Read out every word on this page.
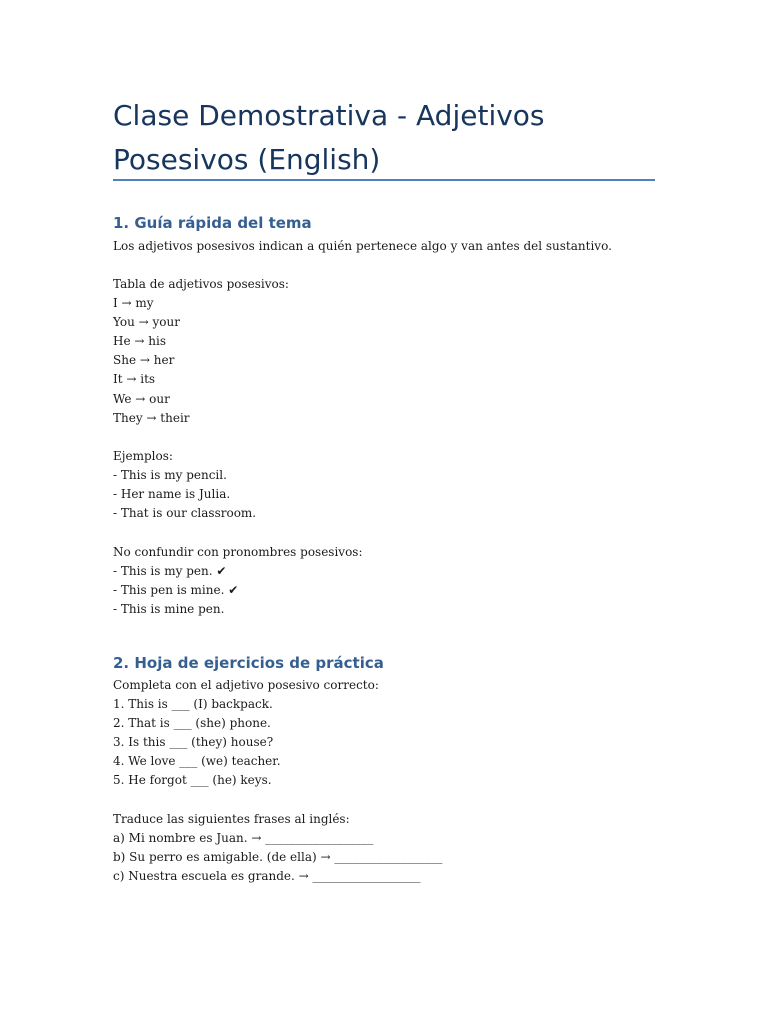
Clase Demostrativa - Adjetivos
Posesivos (English)
1. Guía rápida del tema
Los adjetivos posesivos indican a quién pertenece algo y van antes del sustantivo.
Tabla de adjetivos posesivos:
I → my
You → your
He → his
She → her
It → its
We → our
They → their
Ejemplos:
- This is my pencil.
- Her name is Julia.
- That is our classroom.
No confundir con pronombres posesivos:
- This is my pen. ✔
- This pen is mine. ✔
- This is mine pen.
2. Hoja de ejercicios de práctica
Completa con el adjetivo posesivo correcto:
1. This is ___ (I) backpack.
2. That is ___ (she) phone.
3. Is this ___ (they) house?
4. We love ___ (we) teacher.
5. He forgot ___ (he) keys.
Traduce las siguientes frases al inglés:
a) Mi nombre es Juan. → __________________
b) Su perro es amigable. (de ella) → __________________
c) Nuestra escuela es grande. → __________________
